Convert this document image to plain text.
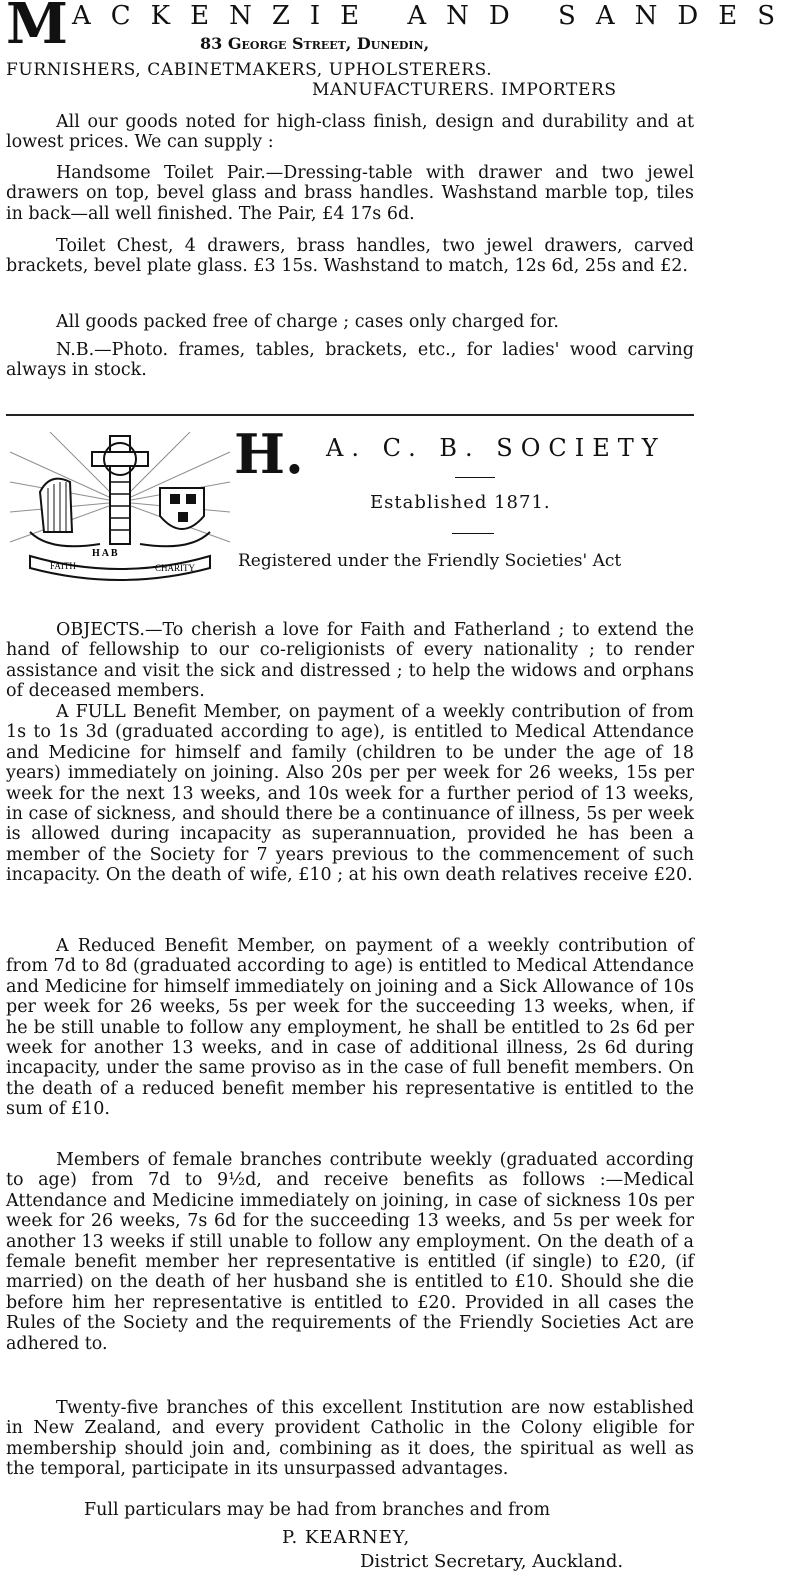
M ACKENZIE AND SANDES
83 George Street, Dunedin,
FURNISHERS, CABINETMAKERS, UPHOLSTERERS.
MANUFACTURERS. IMPORTERS
All our goods noted for high-class finish, design and durability and at lowest prices. We can supply :
Handsome Toilet Pair.—Dressing-table with drawer and two jewel drawers on top, bevel glass and brass handles. Washstand marble top, tiles in back—all well finished. The Pair, £4 17s 6d.
Toilet Chest, 4 drawers, brass handles, two jewel drawers, carved brackets, bevel plate glass. £3 15s. Washstand to match, 12s 6d, 25s and £2.
All goods packed free of charge ; cases only charged for.
N.B.—Photo. frames, tables, brackets, etc., for ladies' wood carving always in stock.
FAITH	CHARITY
H A B
H. A. C. B. SOCIETY
Established 1871.
Registered under the Friendly Societies' Act
OBJECTS.—To cherish a love for Faith and Fatherland ; to extend the hand of fellowship to our co-religionists of every nationality ; to render assistance and visit the sick and distressed ; to help the widows and orphans of deceased members.
A FULL Benefit Member, on payment of a weekly contribution of from 1s to 1s 3d (graduated according to age), is entitled to Medical Attendance and Medicine for himself and family (children to be under the age of 18 years) immediately on joining. Also 20s per per week for 26 weeks, 15s per week for the next 13 weeks, and 10s week for a further period of 13 weeks, in case of sickness, and should there be a continuance of illness, 5s per week is allowed during incapacity as superannuation, provided he has been a member of the Society for 7 years previous to the commencement of such incapacity. On the death of wife, £10 ; at his own death relatives receive £20.
A Reduced Benefit Member, on payment of a weekly contribution of from 7d to 8d (graduated according to age) is entitled to Medical Attendance and Medicine for himself immediately on joining and a Sick Allowance of 10s per week for 26 weeks, 5s per week for the succeeding 13 weeks, when, if he be still unable to follow any employment, he shall be entitled to 2s 6d per week for another 13 weeks, and in case of additional illness, 2s 6d during incapacity, under the same proviso as in the case of full benefit members. On the death of a reduced benefit member his representative is entitled to the sum of £10.
Members of female branches contribute weekly (graduated according to age) from 7d to 9½d, and receive benefits as follows :—Medical Attendance and Medicine immediately on joining, in case of sickness 10s per week for 26 weeks, 7s 6d for the succeeding 13 weeks, and 5s per week for another 13 weeks if still unable to follow any employment. On the death of a female benefit member her representative is entitled (if single) to £20, (if married) on the death of her husband she is entitled to £10. Should she die before him her representative is entitled to £20. Provided in all cases the Rules of the Society and the requirements of the Friendly Societies Act are adhered to.
Twenty-five branches of this excellent Institution are now established in New Zealand, and every provident Catholic in the Colony eligible for membership should join and, combining as it does, the spiritual as well as the temporal, participate in its unsurpassed advantages.
Full particulars may be had from branches and from
P. KEARNEY,
District Secretary, Auckland.
